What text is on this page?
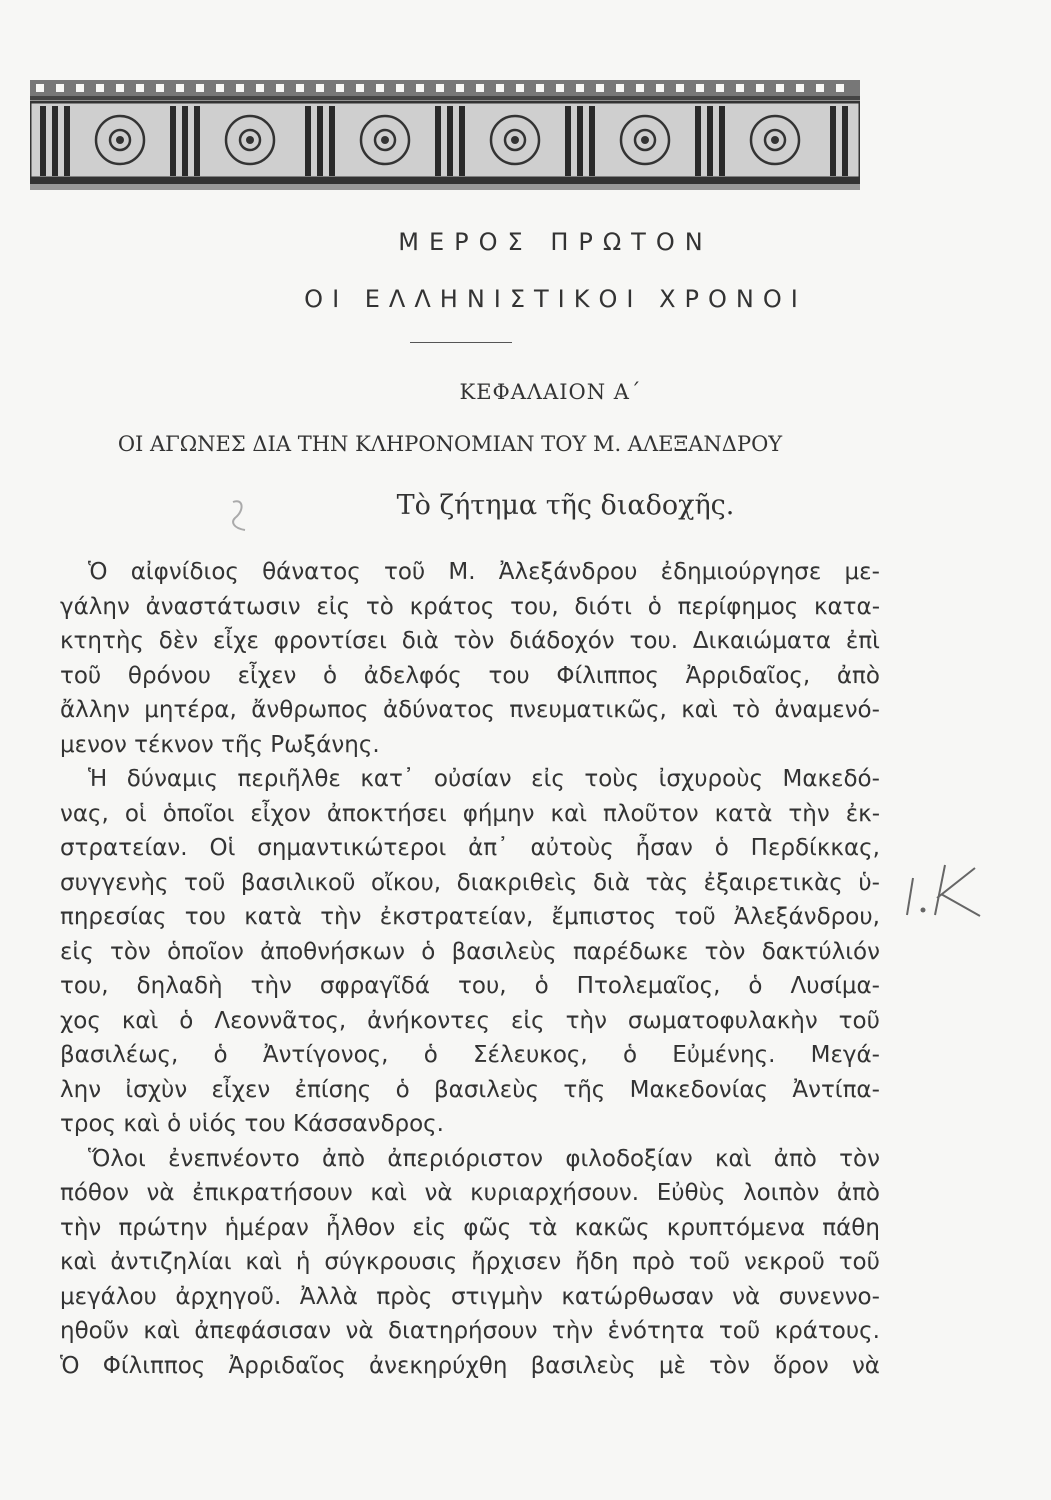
ΜΕΡΟΣ ΠΡΩΤΟΝ
ΟΙ ΕΛΛΗΝΙΣΤΙΚΟΙ ΧΡΟΝΟΙ
ΚΕΦΑΛΑΙΟΝ Α΄
ΟΙ ΑΓΩΝΕΣ ΔΙΑ ΤΗΝ ΚΛΗΡΟΝΟΜΙΑΝ ΤΟΥ Μ. ΑΛΕΞΑΝΔΡΟΥ
Τὸ ζήτημα τῆς διαδοχῆς.
1. Κ
Ὁ αἰφνίδιος θάνατος τοῦ Μ. Ἀλεξάνδρου ἐδημιούργησε με-
γάλην ἀναστάτωσιν εἰς τὸ κράτος του, διότι ὁ περίφημος κατα-
κτητὴς δὲν εἶχε φροντίσει διὰ τὸν διάδοχόν του. Δικαιώματα ἐπὶ
τοῦ θρόνου εἶχεν ὁ ἀδελφός του Φίλιππος Ἀρριδαῖος, ἀπὸ
ἄλλην μητέρα, ἄνθρωπος ἀδύνατος πνευματικῶς, καὶ τὸ ἀναμενό-
μενον τέκνον τῆς Ρωξάνης.
Ἡ δύναμις περιῆλθε κατ᾿ οὐσίαν εἰς τοὺς ἰσχυροὺς Μακεδό-
νας, οἱ ὁποῖοι εἶχον ἀποκτήσει φήμην καὶ πλοῦτον κατὰ τὴν ἐκ-
στρατείαν. Οἱ σημαντικώτεροι ἀπ᾿ αὐτοὺς ἦσαν ὁ Περδίκκας,
συγγενὴς τοῦ βασιλικοῦ οἴκου, διακριθεὶς διὰ τὰς ἐξαιρετικὰς ὑ-
πηρεσίας του κατὰ τὴν ἐκστρατείαν, ἔμπιστος τοῦ Ἀλεξάνδρου,
εἰς τὸν ὁποῖον ἀποθνήσκων ὁ βασιλεὺς παρέδωκε τὸν δακτύλιόν
του, δηλαδὴ τὴν σφραγῖδά του, ὁ Πτολεμαῖος, ὁ Λυσίμα-
χος καὶ ὁ Λεοννᾶτος, ἀνήκοντες εἰς τὴν σωματοφυλακὴν τοῦ
βασιλέως, ὁ Ἀντίγονος, ὁ Σέλευκος, ὁ Εὐμένης. Μεγά-
λην ἰσχὺν εἶχεν ἐπίσης ὁ βασιλεὺς τῆς Μακεδονίας Ἀντίπα-
τρος καὶ ὁ υἱός του Κάσσανδρος.
Ὅλοι ἐνεπνέοντο ἀπὸ ἀπεριόριστον φιλοδοξίαν καὶ ἀπὸ τὸν
πόθον νὰ ἐπικρατήσουν καὶ νὰ κυριαρχήσουν. Εὐθὺς λοιπὸν ἀπὸ
τὴν πρώτην ἡμέραν ἦλθον εἰς φῶς τὰ κακῶς κρυπτόμενα πάθη
καὶ ἀντιζηλίαι καὶ ἡ σύγκρουσις ἤρχισεν ἤδη πρὸ τοῦ νεκροῦ τοῦ
μεγάλου ἀρχηγοῦ. Ἀλλὰ πρὸς στιγμὴν κατώρθωσαν νὰ συνεννο-
ηθοῦν καὶ ἀπεφάσισαν νὰ διατηρήσουν τὴν ἑνότητα τοῦ κράτους.
Ὁ Φίλιππος Ἀρριδαῖος ἀνεκηρύχθη βασιλεὺς μὲ τὸν ὅρον νὰ
